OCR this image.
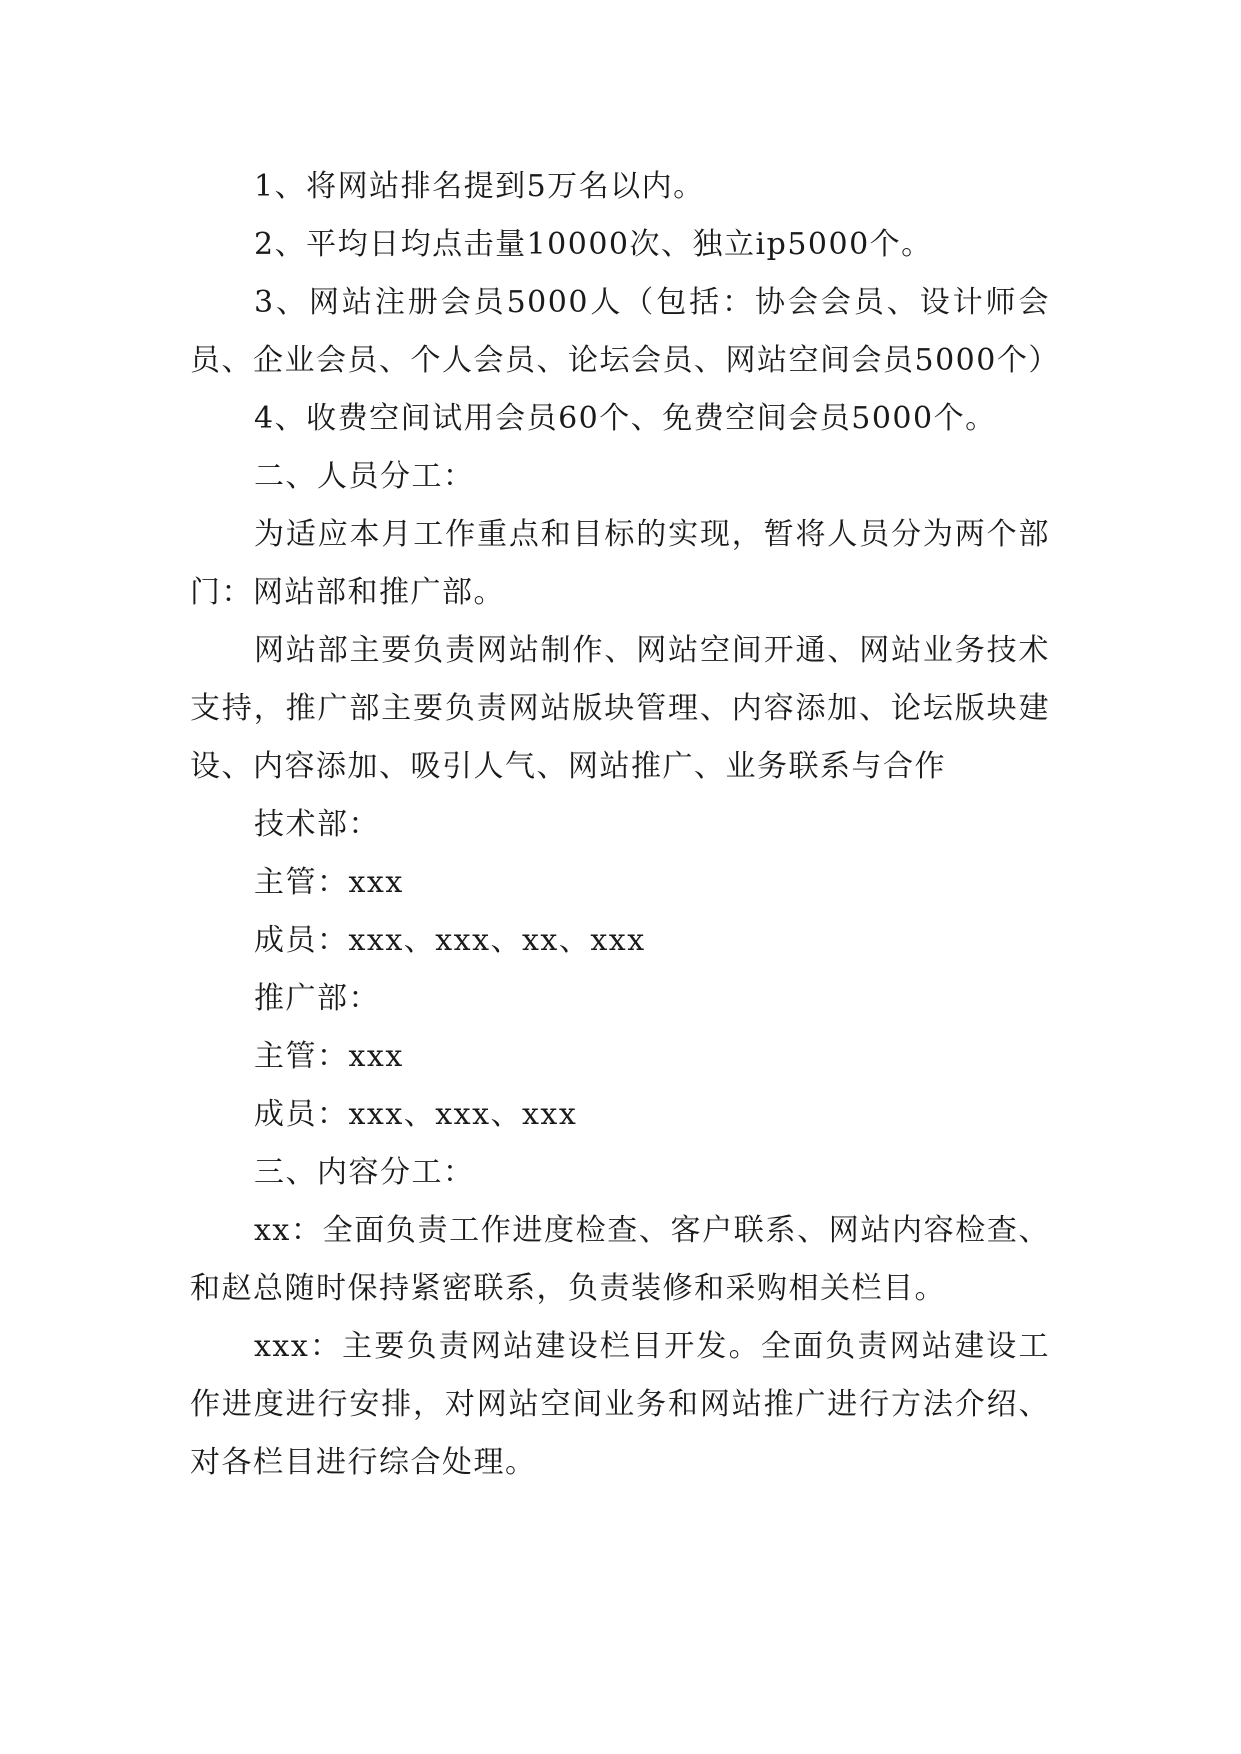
1、将网站排名提到5万名以内。

2、平均日均点击量10000次、独立ip5000个。

3、网站注册会员5000人（包括：协会会员、设计师会员、企业会员、个人会员、论坛会员、网站空间会员5000个）

4、收费空间试用会员60个、免费空间会员5000个。

二、人员分工：

为适应本月工作重点和目标的实现，暂将人员分为两个部门：网站部和推广部。

网站部主要负责网站制作、网站空间开通、网站业务技术支持，推广部主要负责网站版块管理、内容添加、论坛版块建设、内容添加、吸引人气、网站推广、业务联系与合作

技术部：

主管：xxx

成员：xxx、xxx、xx、xxx

推广部：

主管：xxx

成员：xxx、xxx、xxx

三、内容分工：

xx：全面负责工作进度检查、客户联系、网站内容检查、和赵总随时保持紧密联系，负责装修和采购相关栏目。

xxx：主要负责网站建设栏目开发。全面负责网站建设工作进度进行安排，对网站空间业务和网站推广进行方法介绍、对各栏目进行综合处理。
